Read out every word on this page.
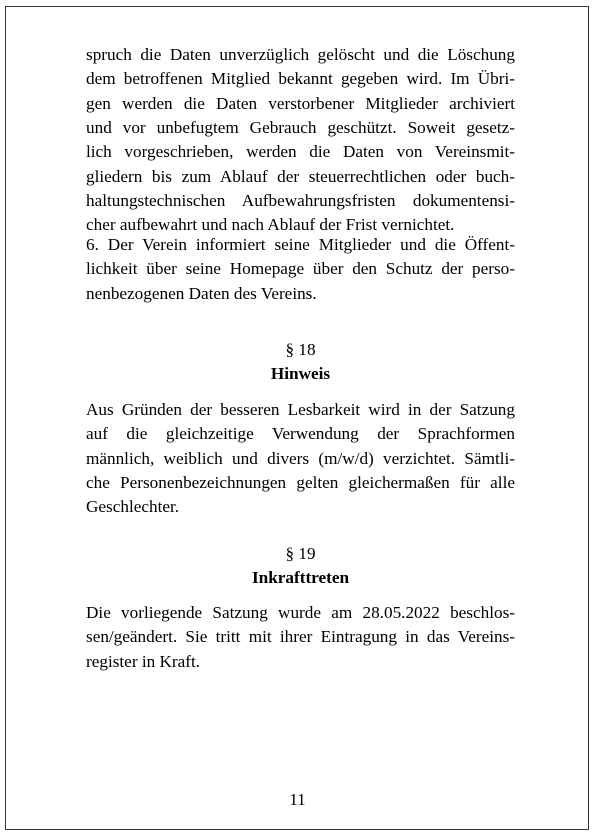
spruch die Daten unverzüglich gelöscht und die Löschung
dem betroffenen Mitglied bekannt gegeben wird. Im Übri-
gen werden die Daten verstorbener Mitglieder archiviert
und vor unbefugtem Gebrauch geschützt. Soweit gesetz-
lich vorgeschrieben, werden die Daten von Vereinsmit-
gliedern bis zum Ablauf der steuerrechtlichen oder buch-
haltungstechnischen Aufbewahrungsfristen dokumentensi-
cher aufbewahrt und nach Ablauf der Frist vernichtet.
6. Der Verein informiert seine Mitglieder und die Öffent-
lichkeit über seine Homepage über den Schutz der perso-
nenbezogenen Daten des Vereins.
§ 18
Hinweis
Aus Gründen der besseren Lesbarkeit wird in der Satzung
auf die gleichzeitige Verwendung der Sprachformen
männlich, weiblich und divers (m/w/d) verzichtet. Sämtli-
che Personenbezeichnungen gelten gleichermaßen für alle
Geschlechter.
§ 19
Inkrafttreten
Die vorliegende Satzung wurde am 28.05.2022 beschlos-
sen/geändert. Sie tritt mit ihrer Eintragung in das Vereins-
register in Kraft.
11
